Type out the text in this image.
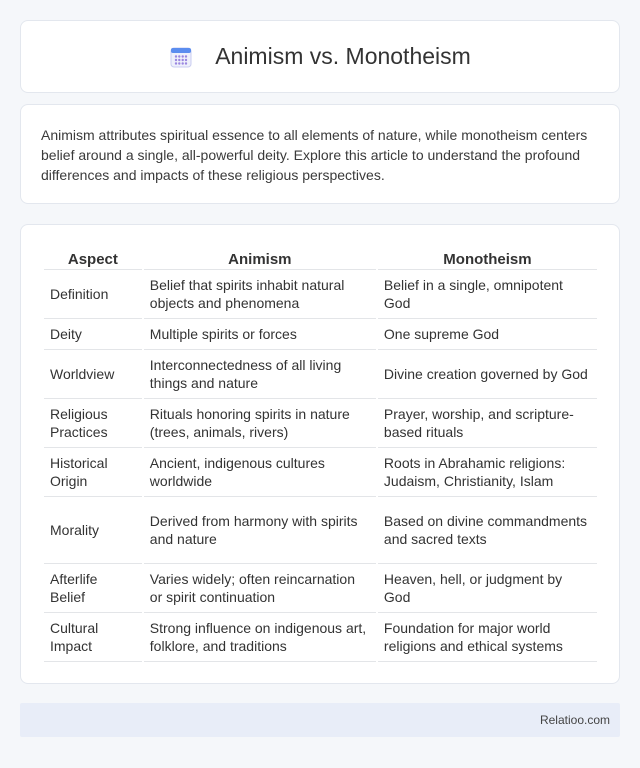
Animism vs. Monotheism

Animism attributes spiritual essence to all elements of nature, while monotheism centers belief around a single, all-powerful deity. Explore this article to understand the profound differences and impacts of these religious perspectives.

Aspect	Animism	Monotheism
Definition	Belief that spirits inhabit natural objects and phenomena	Belief in a single, omnipotent God
Deity	Multiple spirits or forces	One supreme God
Worldview	Interconnectedness of all living things and nature	Divine creation governed by God
Religious Practices	Rituals honoring spirits in nature (trees, animals, rivers)	Prayer, worship, and scripture-based rituals
Historical Origin	Ancient, indigenous cultures worldwide	Roots in Abrahamic religions: Judaism, Christianity, Islam
Morality	Derived from harmony with spirits and nature	Based on divine commandments and sacred texts
Afterlife Belief	Varies widely; often reincarnation or spirit continuation	Heaven, hell, or judgment by God
Cultural Impact	Strong influence on indigenous art, folklore, and traditions	Foundation for major world religions and ethical systems
Relatioo.com
